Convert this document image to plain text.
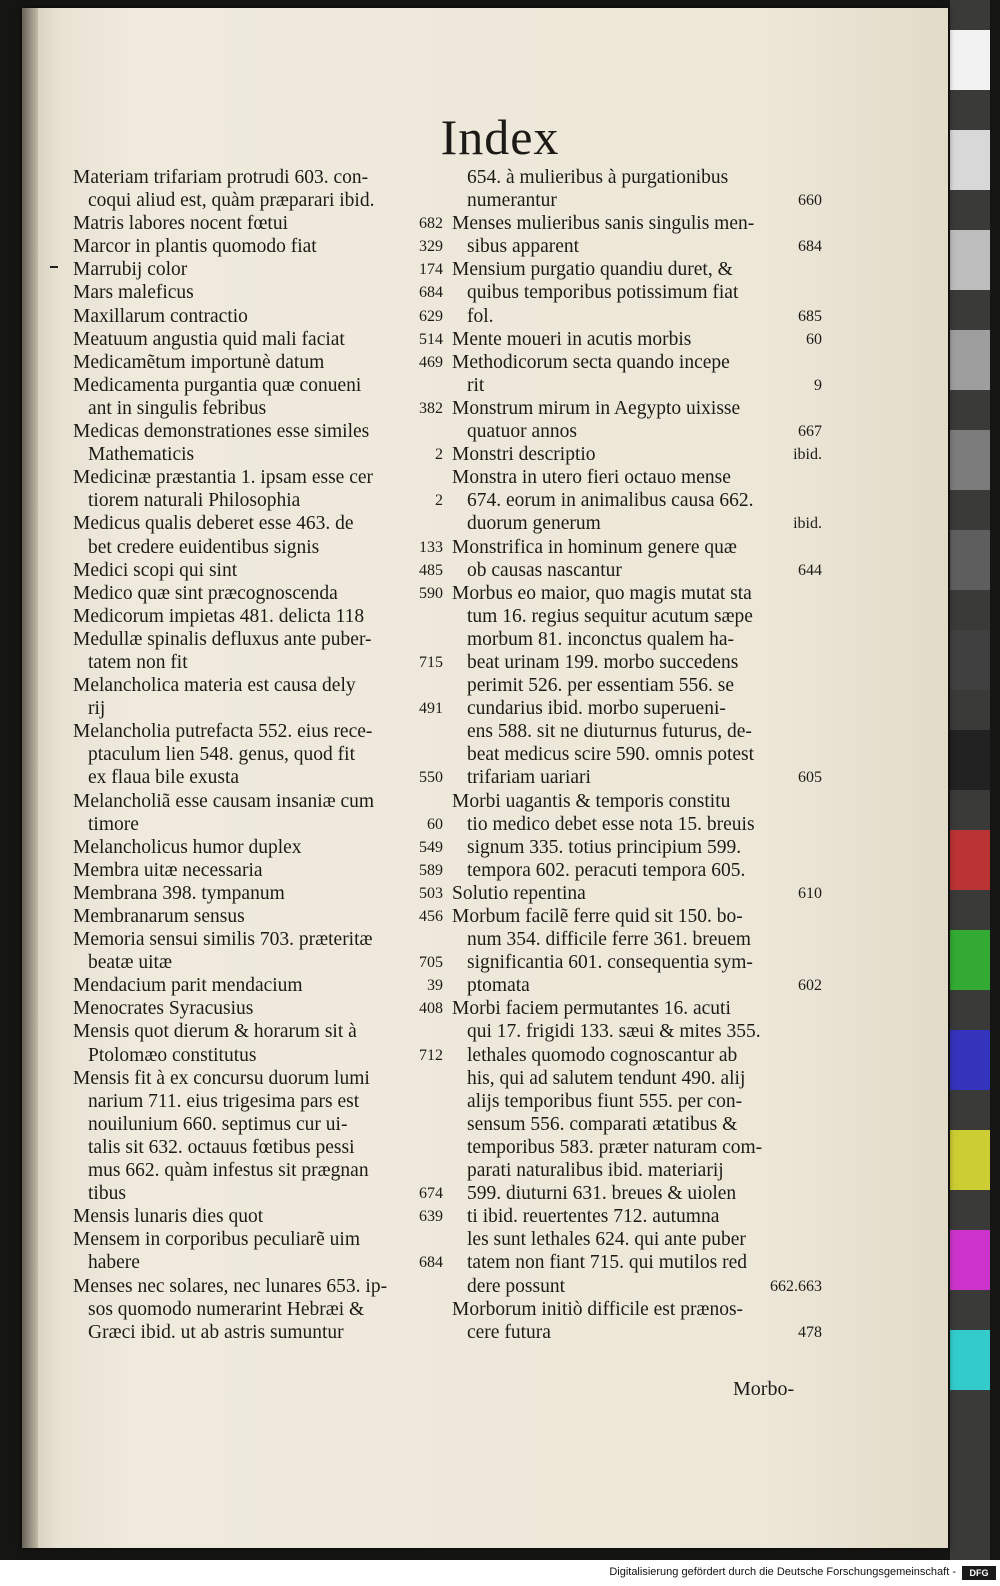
Index
Materiam trifariam protrudi 603. con-
coqui aliud est, quàm præparari ibid.
Matris labores nocent fœtui	682
Marcor in plantis quomodo fiat	329
Marrubij color	174
Mars maleficus	684
Maxillarum contractio	629
Meatuum angustia quid mali faciat	514
Medicamẽtum importunè datum	469
Medicamenta purgantia quæ conueni
ant in singulis febribus	382
Medicas demonstrationes esse similes
Mathematicis	2
Medicinæ præstantia 1. ipsam esse cer
tiorem naturali Philosophia	2
Medicus qualis deberet esse 463. de
bet credere euidentibus signis	133
Medici scopi qui sint	485
Medico quæ sint præcognoscenda	590
Medicorum impietas 481. delicta 118
Medullæ spinalis defluxus ante puber-
tatem non fit	715
Melancholica materia est causa dely
rij	491
Melancholia putrefacta 552. eius rece-
ptaculum lien 548. genus, quod fit
ex flaua bile exusta	550
Melancholiã esse causam insaniæ cum
timore	60
Melancholicus humor duplex	549
Membra uitæ necessaria	589
Membrana 398. tympanum	503
Membranarum sensus	456
Memoria sensui similis 703. præteritæ
beatæ uitæ	705
Mendacium parit mendacium	39
Menocrates Syracusius	408
Mensis quot dierum & horarum sit à
Ptolomæo constitutus	712
Mensis fit à ex concursu duorum lumi
narium 711. eius trigesima pars est
nouilunium 660. septimus cur ui-
talis sit 632. octauus fœtibus pessi
mus 662. quàm infestus sit prægnan
tibus	674
Mensis lunaris dies quot	639
Mensem in corporibus peculiarẽ uim
habere	684
Menses nec solares, nec lunares 653. ip-
sos quomodo numerarint Hebræi &
Græci ibid. ut ab astris sumuntur
654. à mulieribus à purgationibus
numerantur	660
Menses mulieribus sanis singulis men-
sibus apparent	684
Mensium purgatio quandiu duret, &
quibus temporibus potissimum fiat
fol.	685
Mente moueri in acutis morbis	60
Methodicorum secta quando incepe
rit	9
Monstrum mirum in Aegypto uixisse
quatuor annos	667
Monstri descriptio	ibid.
Monstra in utero fieri octauo mense
674. eorum in animalibus causa 662.
duorum generum	ibid.
Monstrifica in hominum genere quæ
ob causas nascantur	644
Morbus eo maior, quo magis mutat sta
tum 16. regius sequitur acutum sæpe
morbum 81. inconctus qualem ha-
beat urinam 199. morbo succedens
perimit 526. per essentiam 556. se
cundarius ibid. morbo superueni-
ens 588. sit ne diuturnus futurus, de-
beat medicus scire 590. omnis potest
trifariam uariari	605
Morbi uagantis & temporis constitu
tio medico debet esse nota 15. breuis
signum 335. totius principium 599.
tempora 602. peracuti tempora 605.
Solutio repentina	610
Morbum facilẽ ferre quid sit 150. bo-
num 354. difficile ferre 361. breuem
significantia 601. consequentia sym-
ptomata	602
Morbi faciem permutantes 16. acuti
qui 17. frigidi 133. sæui & mites 355.
lethales quomodo cognoscantur ab
his, qui ad salutem tendunt 490. alij
alijs temporibus fiunt 555. per con-
sensum 556. comparati ætatibus &
temporibus 583. præter naturam com-
parati naturalibus ibid. materiarij
599. diuturni 631. breues & uiolen
ti ibid. reuertentes 712. autumna
les sunt lethales 624. qui ante puber
tatem non fiant 715. qui mutilos red
dere possunt	662.663
Morborum initiò difficile est prænos-
cere futura	478
Morbo-
Digitalisierung gefördert durch die Deutsche Forschungsgemeinschaft -	DFG
